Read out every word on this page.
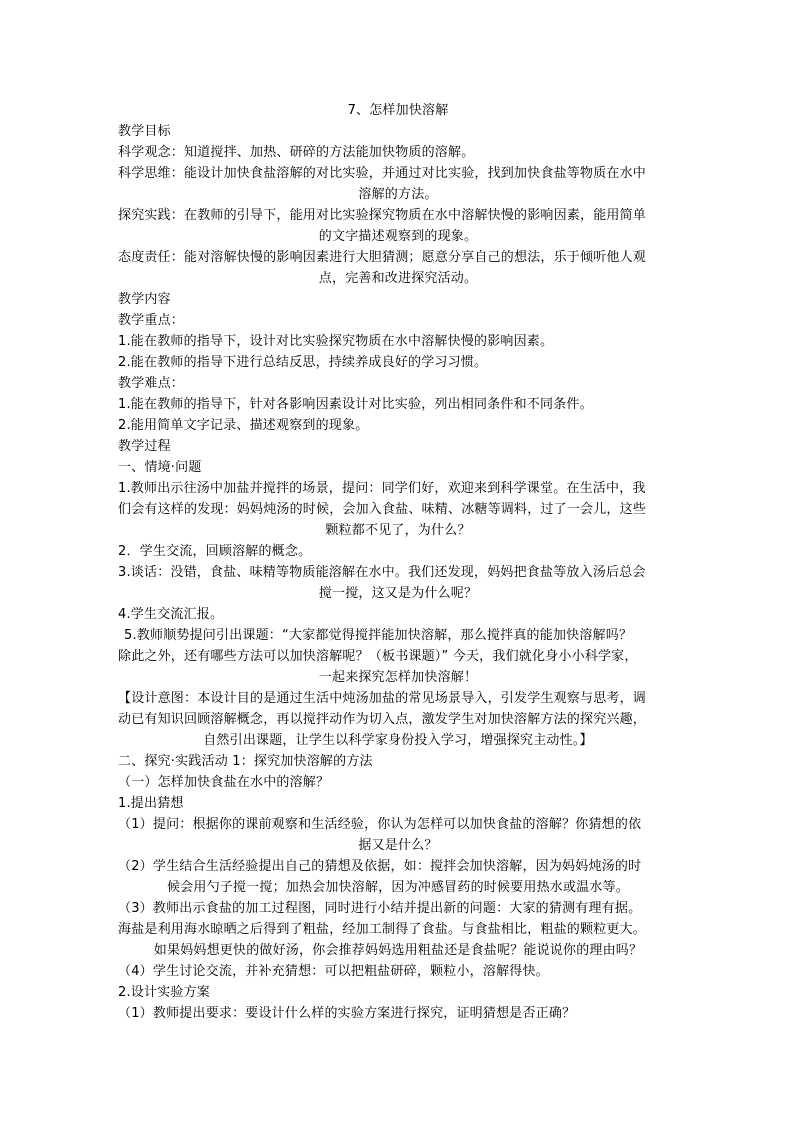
7、怎样加快溶解

教学目标

科学观念：知道搅拌、加热、研碎的方法能加快物质的溶解。

科学思维：能设计加快食盐溶解的对比实验，并通过对比实验，找到加快食盐等物质在水中
溶解的方法。

探究实践：在教师的引导下，能用对比实验探究物质在水中溶解快慢的影响因素，能用简单
的文字描述观察到的现象。

态度责任：能对溶解快慢的影响因素进行大胆猜测；愿意分享自己的想法，乐于倾听他人观
点，完善和改进探究活动。

教学内容

教学重点：

1.能在教师的指导下，设计对比实验探究物质在水中溶解快慢的影响因素。

2.能在教师的指导下进行总结反思，持续养成良好的学习习惯。

教学难点：

1.能在教师的指导下，针对各影响因素设计对比实验，列出相同条件和不同条件。

2.能用简单文字记录、描述观察到的现象。

教学过程

一、情境·问题

1.教师出示往汤中加盐并搅拌的场景，提问：同学们好，欢迎来到科学课堂。在生活中，我
们会有这样的发现：妈妈炖汤的时候，会加入食盐、味精、冰糖等调料，过了一会儿，这些
颗粒都不见了，为什么？

2．学生交流，回顾溶解的概念。

3.谈话：没错，食盐、味精等物质能溶解在水中。我们还发现，妈妈把食盐等放入汤后总会
搅一搅，这又是为什么呢？

4.学生交流汇报。

5.教师顺势提问引出课题：“大家都觉得搅拌能加快溶解，那么搅拌真的能加快溶解吗？
除此之外，还有哪些方法可以加快溶解呢？（板书课题）” 今天，我们就化身小小科学家，
一起来探究怎样加快溶解！

【设计意图：本设计目的是通过生活中炖汤加盐的常见场景导入，引发学生观察与思考，调
动已有知识回顾溶解概念，再以搅拌动作为切入点，激发学生对加快溶解方法的探究兴趣，
自然引出课题，让学生以科学家身份投入学习，增强探究主动性。】

二、探究·实践活动 1：探究加快溶解的方法

（一）怎样加快食盐在水中的溶解？

1.提出猜想

（1）提问：根据你的课前观察和生活经验，你认为怎样可以加快食盐的溶解？你猜想的依
据又是什么？

（2）学生结合生活经验提出自己的猜想及依据，如：搅拌会加快溶解，因为妈妈炖汤的时
候会用勺子搅一搅；加热会加快溶解，因为冲感冒药的时候要用热水或温水等。

（3）教师出示食盐的加工过程图，同时进行小结并提出新的问题：大家的猜测有理有据。
海盐是利用海水晾晒之后得到了粗盐，经加工制得了食盐。与食盐相比，粗盐的颗粒更大。
如果妈妈想更快的做好汤，你会推荐妈妈选用粗盐还是食盐呢？能说说你的理由吗？

（4）学生讨论交流，并补充猜想：可以把粗盐研碎，颗粒小，溶解得快。

2.设计实验方案

（1）教师提出要求：要设计什么样的实验方案进行探究，证明猜想是否正确？
